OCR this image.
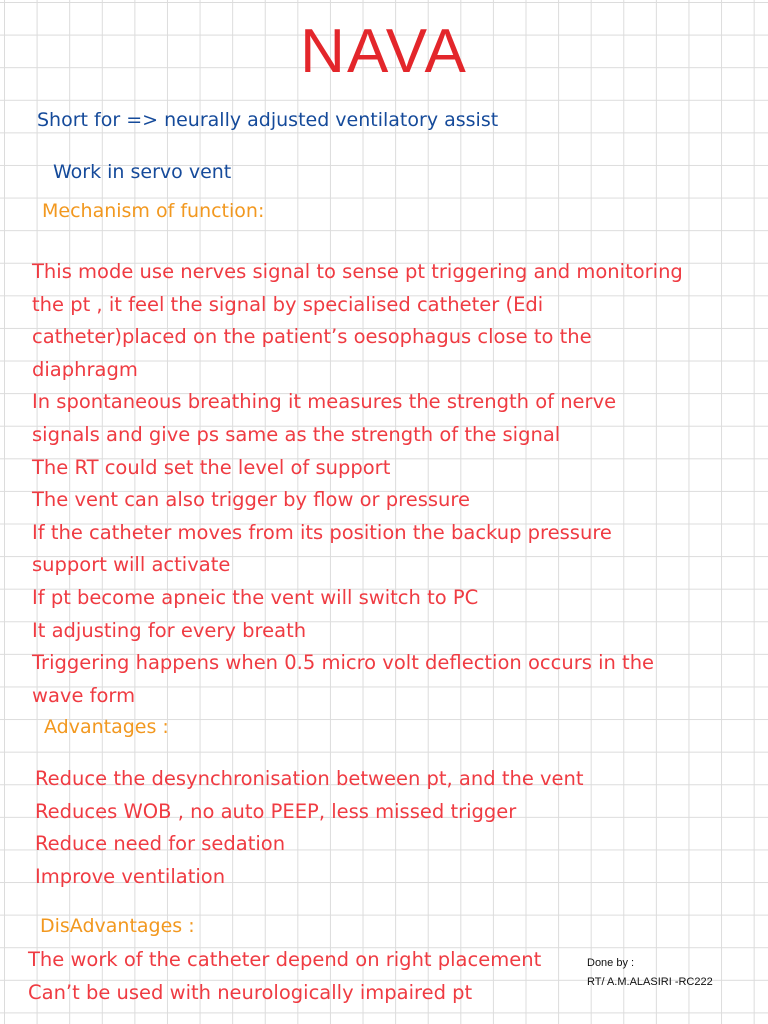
NAVA
Short for => neurally adjusted ventilatory assist
Work in servo vent
Mechanism of function:
This mode use nerves signal to sense pt triggering and monitoring
the pt , it feel the signal by specialised catheter (Edi
catheter)placed on the patient’s oesophagus close to the
diaphragm
In spontaneous breathing it measures the strength of nerve
signals and give ps same as the strength of the signal
The RT could set the level of support
The vent can also trigger by flow or pressure
If the catheter moves from its position the backup pressure
support will activate
If pt become apneic the vent will switch to PC
It adjusting for every breath
Triggering happens when 0.5 micro volt deflection occurs in the
wave form
Advantages :
Reduce the desynchronisation between pt, and the vent
Reduces WOB , no auto PEEP, less missed trigger
Reduce need for sedation
Improve ventilation
DisAdvantages :
The work of the catheter depend on right placement
Can’t be used with neurologically impaired pt
Done by :
RT/ A.M.ALASIRI -RC222
